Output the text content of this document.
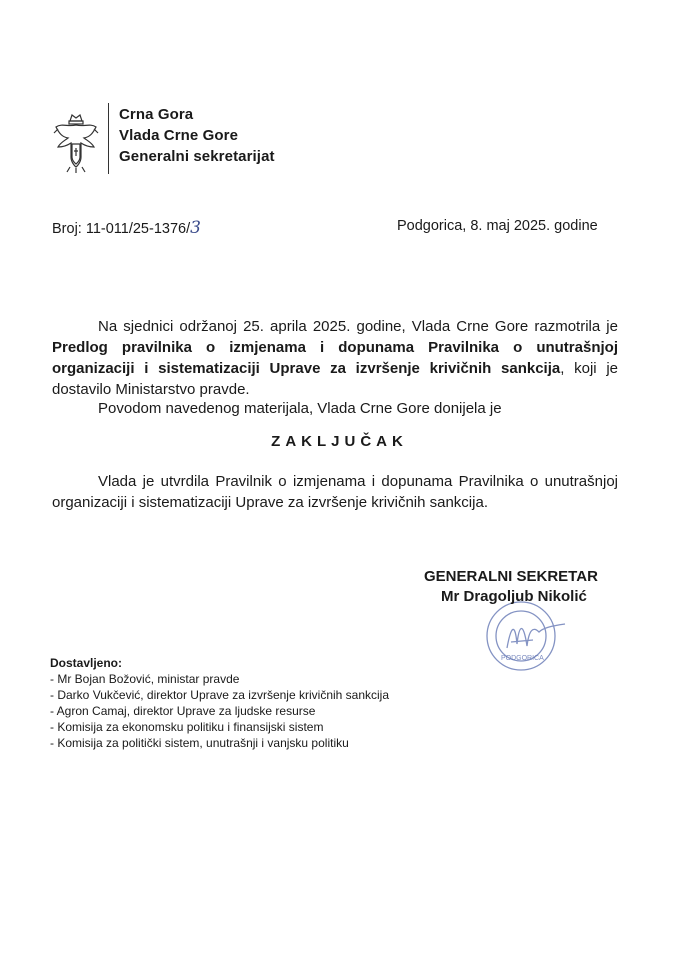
Crna Gora
Vlada Crne Gore
Generalni sekretarijat
Broj: 11-011/25-1376/3	Podgorica, 8. maj 2025. godine
Na sjednici održanoj 25. aprila 2025. godine, Vlada Crne Gore razmotrila je Predlog pravilnika o izmjenama i dopunama Pravilnika o unutrašnjoj organizaciji i sistematizaciji Uprave za izvršenje krivičnih sankcija, koji je dostavilo Ministarstvo pravde.
Povodom navedenog materijala, Vlada Crne Gore donijela je
ZAKLJUČAK
Vlada je utvrdila Pravilnik o izmjenama i dopunama Pravilnika o unutrašnjoj organizaciji i sistematizaciji Uprave za izvršenje krivičnih sankcija.
PODGORICA
GENERALNI SEKRETAR
Mr Dragoljub Nikolić
Dostavljeno:
- Mr Bojan Božović, ministar pravde
- Darko Vukčević, direktor Uprave za izvršenje krivičnih sankcija
- Agron Camaj, direktor Uprave za ljudske resurse
- Komisija za ekonomsku politiku i finansijski sistem
- Komisija za politički sistem, unutrašnji i vanjsku politiku
